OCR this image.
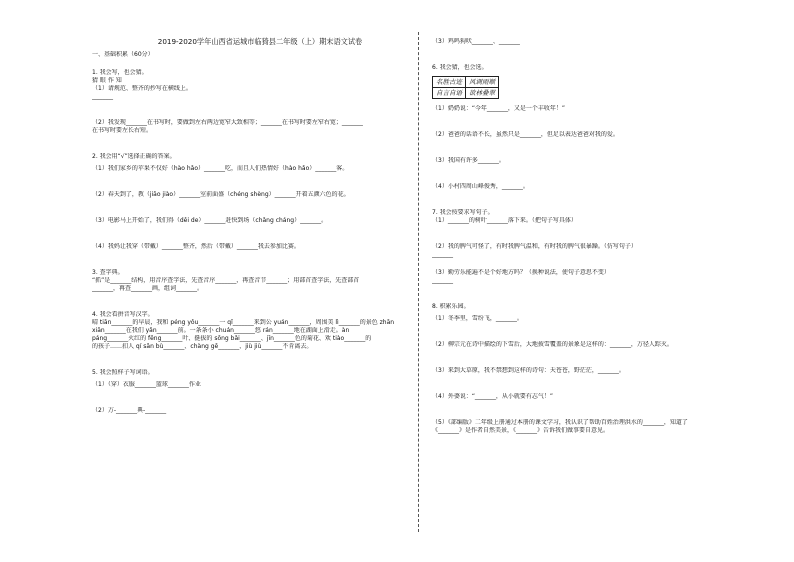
2019-2020学年山西省运城市临猗县二年级（上）期末语文试卷
一、基础积累（60分）
1. 我会写，也会猜。
猜 眼 作 知
（1）请规范、整齐的抄写在横线上。
_______
（2）我发现_______在书写时，要做到左右两边宽窄大致相等；_______在书写时要左窄右宽；_______
在书写时要左长右短。
2. 我会用“√”选择正确的答案。
（1）我们家乡的苹果不仅好（hào hǎo）_______吃，而且人们热情好（hào hǎo）_______客。
（2）春天到了，教（jiāo jiào）_______室前面盛（chéng shèng）_______开着五颜六色的花。
（3）电影马上开始了，我们得（děi de）_______赶快到场（chǎng cháng）_______。
（4）我妈让我穿（带戴）_______整齐，然后（带戴）_______我去参加比赛。
3. 查字典。
“抓”是_______结构，用音序查字法，先查音序_______，再查音节_______；用部首查字法，先查部首
_______，再查_______画，组词_______。
4. 我会看拼音写汉字。
晴 tiān_______的早晨，我和 péng yǒu_______一 qǐ_______来到公 yuán_______，周围美 lì_______的景色 zhān
xiān_______在我们 yǎn_______前。一条条小 chuán_______悠 rán_______地在湖面上滑走。àn
páng_______火红的 fēng_______叶、挺拔的 sōng bǎi_______、jīn_______色的菊花、欢 tiào_______的
的孩子……扣人 qí sān bù_______、chàng gē_______、jiù jiù_______不肯离去。
5. 我会照样子写词语。
（1）（穿）衣服_______篮球_______作业
（2）万-_______典-_______
（3）鸡鸣狗吠_______、_______
6. 我会猜，也会选。
名胜古迹	风调雨顺
自言自语	欲林叠翠
（1）奶奶说：“今年_______，又是一个丰收年！”
（2）爸爸的话语不长，虽然只是_______，但足以表达爸爸对我的爱。
（3）我国有许多_______。
（4）小村四周山峰俊秀，_______。
7. 我会按要求写句子。
（1）_______的树叶_______落下来。（把句子写具体）
（2）我的脾气可怪了，有时我脾气温和，有时我的脾气很暴躁。（仿写句子）
_______
（3）勤劳乐能遍不是个好地方吗？（换种说法，使句子意思不变）
_______
8. 积累乐园。
（1）冬季里，雪纷飞，_______。
（2）柳宗元在诗中描绘的下雪后，大地披雪覆盖的景象是这样的：_______，万径人踪灭。
（3）来到大草原，我不禁想到这样的诗句：天苍苍，野茫茫，_______。
（4）外婆说：“_______，从小就要有志气！”
（5）《部编版》二年级上册通过本册的课文学习，我认识了帮助百姓治理洪水的_______，知道了
《_______》是作者自然美景，《_______》告诉我们做事要自意见。
